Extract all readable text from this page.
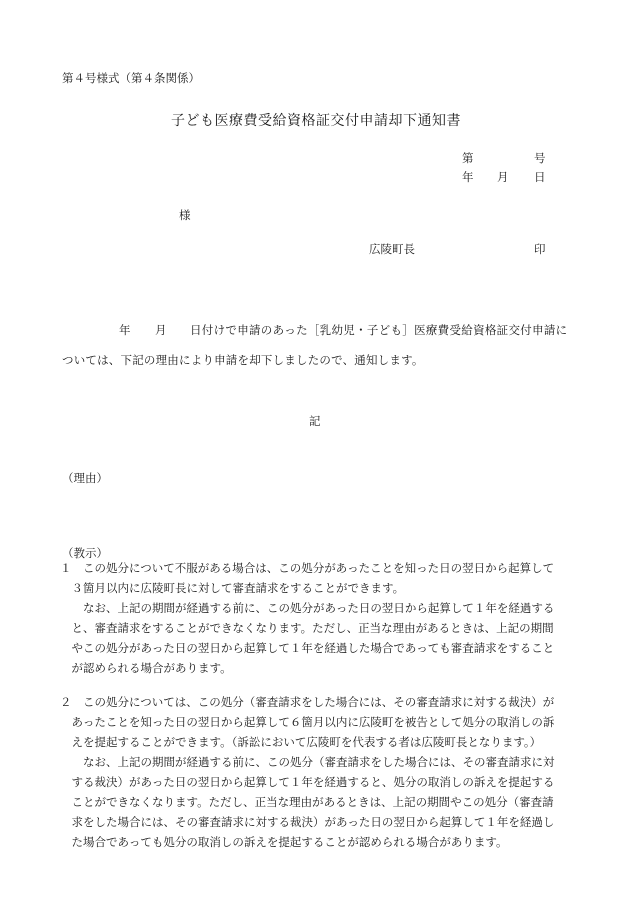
第４号様式（第４条関係）
子ども医療費受給資格証交付申請却下通知書
第	号
年 月 日
様
広陵町長	印
年 月 日付けで申請のあった［乳幼児・子ども］医療費受給資格証交付申請に
ついては、下記の理由により申請を却下しましたので、通知します。
記
（理由）
（教示）
１　この処分について不服がある場合は、この処分があったことを知った日の翌日から起算して
　３箇月以内に広陵町長に対して審査請求をすることができます。
　　なお、上記の期間が経過する前に、この処分があった日の翌日から起算して１年を経過する
　と、審査請求をすることができなくなります。ただし、正当な理由があるときは、上記の期間
　やこの処分があった日の翌日から起算して１年を経過した場合であっても審査請求をすること
　が認められる場合があります。
２　この処分については、この処分（審査請求をした場合には、その審査請求に対する裁決）が
　あったことを知った日の翌日から起算して６箇月以内に広陵町を被告として処分の取消しの訴
　えを提起することができます。（訴訟において広陵町を代表する者は広陵町長となります。）
　　なお、上記の期間が経過する前に、この処分（審査請求をした場合には、その審査請求に対
　する裁決）があった日の翌日から起算して１年を経過すると、処分の取消しの訴えを提起する
　ことができなくなります。ただし、正当な理由があるときは、上記の期間やこの処分（審査請
　求をした場合には、その審査請求に対する裁決）があった日の翌日から起算して１年を経過し
　た場合であっても処分の取消しの訴えを提起することが認められる場合があります。
